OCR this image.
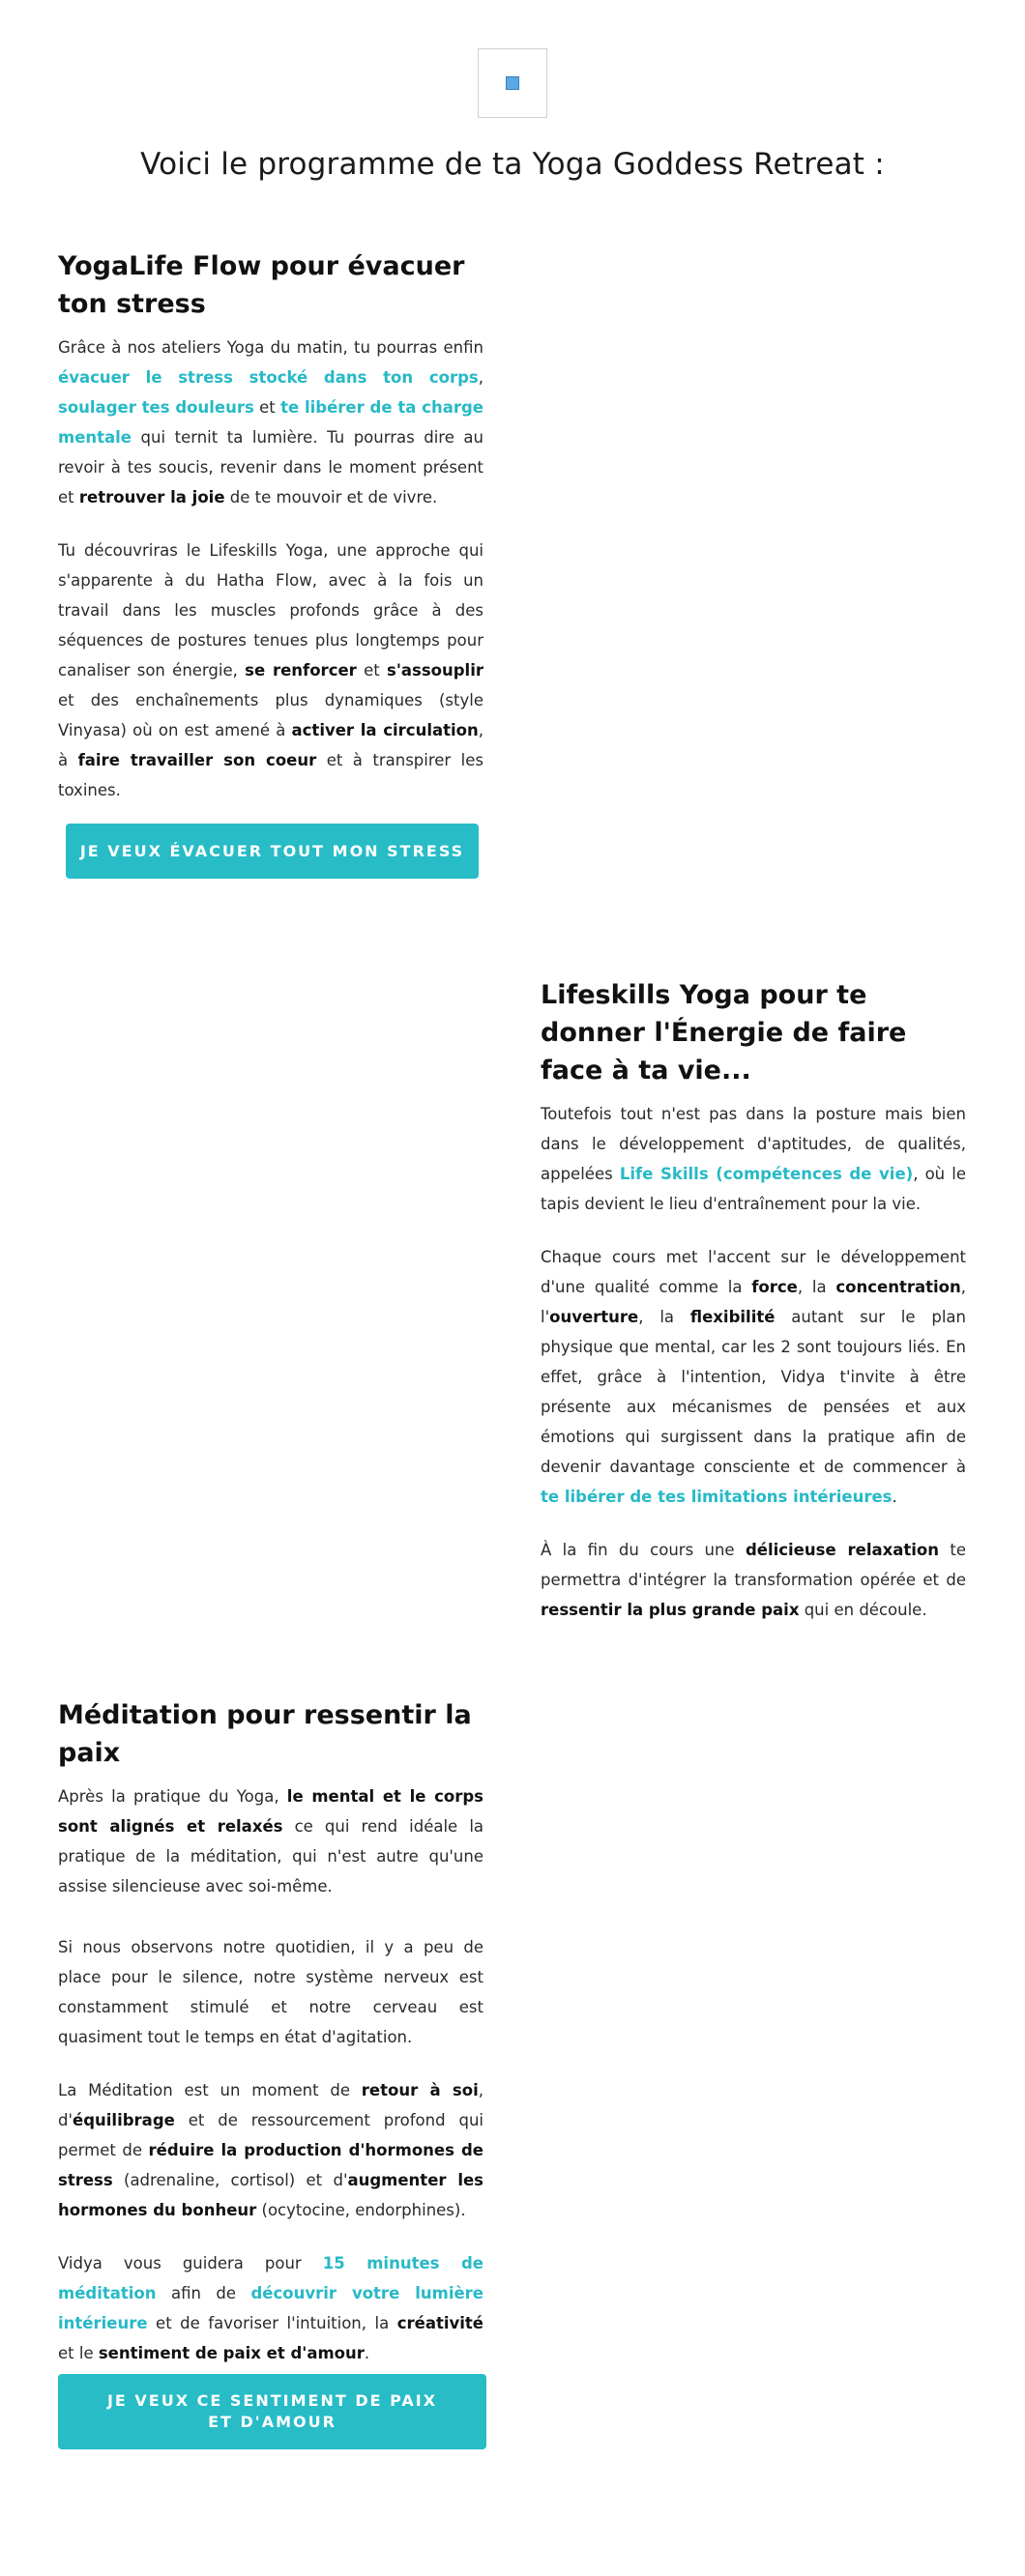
Voici le programme de ta Yoga Goddess Retreat :
YogaLife Flow pour évacuer ton stress

Grâce à nos ateliers Yoga du matin, tu pourras enfin évacuer le stress stocké dans ton corps, soulager tes douleurs et te libérer de ta charge mentale qui ternit ta lumière. Tu pourras dire au revoir à tes soucis, revenir dans le moment présent et retrouver la joie de te mouvoir et de vivre.

Tu découvriras le Lifeskills Yoga, une approche qui s'apparente à du Hatha Flow, avec à la fois un travail dans les muscles profonds grâce à des séquences de postures tenues plus longtemps pour canaliser son énergie, se renforcer et s'assouplir et des enchaînements plus dynamiques (style Vinyasa) où on est amené à activer la circulation, à faire travailler son coeur et à transpirer les toxines.

JE VEUX ÉVACUER TOUT MON STRESS
Lifeskills Yoga pour te donner l'Énergie de faire face à ta vie...

Toutefois tout n'est pas dans la posture mais bien dans le développement d'aptitudes, de qualités, appelées Life Skills (compétences de vie), où le tapis devient le lieu d'entraînement pour la vie.

Chaque cours met l'accent sur le développement d'une qualité comme la force, la concentration, l'ouverture, la flexibilité autant sur le plan physique que mental, car les 2 sont toujours liés. En effet, grâce à l'intention, Vidya t'invite à être présente aux mécanismes de pensées et aux émotions qui surgissent dans la pratique afin de devenir davantage consciente et de commencer à te libérer de tes limitations intérieures.

À la fin du cours une délicieuse relaxation te permettra d'intégrer la transformation opérée et de ressentir la plus grande paix qui en découle.

Méditation pour ressentir la paix

Après la pratique du Yoga, le mental et le corps sont alignés et relaxés ce qui rend idéale la pratique de la méditation, qui n'est autre qu'une assise silencieuse avec soi-même.

Si nous observons notre quotidien, il y a peu de place pour le silence, notre système nerveux est constamment stimulé et notre cerveau est quasiment tout le temps en état d'agitation.

La Méditation est un moment de retour à soi, d'équilibrage et de ressourcement profond qui permet de réduire la production d'hormones de stress (adrenaline, cortisol) et d'augmenter les hormones du bonheur (ocytocine, endorphines).

Vidya vous guidera pour 15 minutes de méditation afin de découvrir votre lumière intérieure et de favoriser l'intuition, la créativité et le sentiment de paix et d'amour.

JE VEUX CE SENTIMENT DE PAIX ET D'AMOUR
